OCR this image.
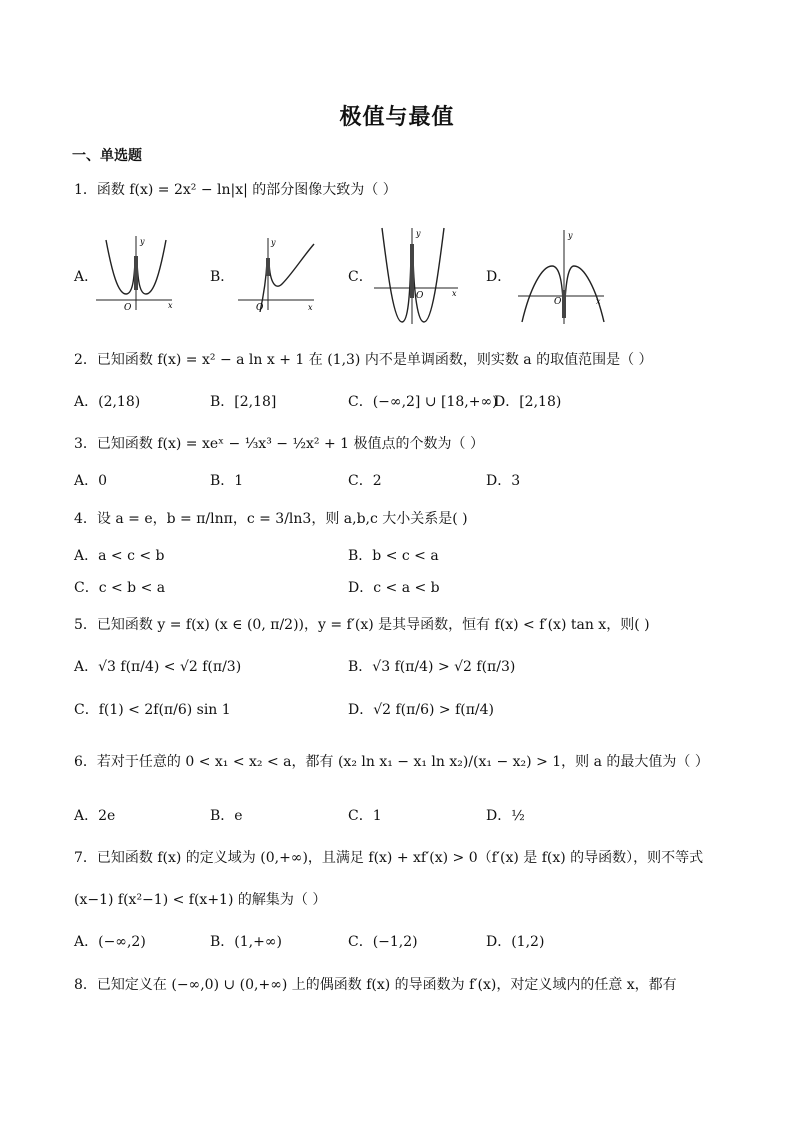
极值与最值
一、单选题
1．函数 f(x) = 2x² − ln|x| 的部分图像大致为（ ）
A．	B．	C．	D．
y
x
O
y
x
O
y
x
O
y
x
O
2．已知函数 f(x) = x² − a ln x + 1 在 (1,3) 内不是单调函数，则实数 a 的取值范围是（ ）
A．(2,18)	B．[2,18]	C．(−∞,2] ∪ [18,+∞)
D．[2,18)
3．已知函数 f(x) = xeˣ − ⅓x³ − ½x² + 1 极值点的个数为（ ）
A．0	B．1	C．2	D．3
4．设 a = e，b = π/lnπ，c = 3/ln3，则 a,b,c 大小关系是( )
A．a < c < b	B．b < c < a
C．c < b < a	D．c < a < b
5．已知函数 y = f(x) (x ∈ (0, π/2))，y = f′(x) 是其导函数，恒有 f(x) < f′(x) tan x，则( )
A．√3 f(π/4) < √2 f(π/3)	B．√3 f(π/4) > √2 f(π/3)
C．f(1) < 2f(π/6) sin 1	D．√2 f(π/6) > f(π/4)
6．若对于任意的 0 < x₁ < x₂ < a，都有 (x₂ ln x₁ − x₁ ln x₂)/(x₁ − x₂) > 1，则 a 的最大值为（ ）
A．2e	B．e	C．1	D．½
7．已知函数 f(x) 的定义域为 (0,+∞)，且满足 f(x) + xf′(x) > 0（f′(x) 是 f(x) 的导函数），则不等式
(x−1) f(x²−1) < f(x+1) 的解集为（ ）
A．(−∞,2)	B．(1,+∞)	C．(−1,2)	D．(1,2)
8．已知定义在 (−∞,0) ∪ (0,+∞) 上的偶函数 f(x) 的导函数为 f′(x)，对定义域内的任意 x，都有
